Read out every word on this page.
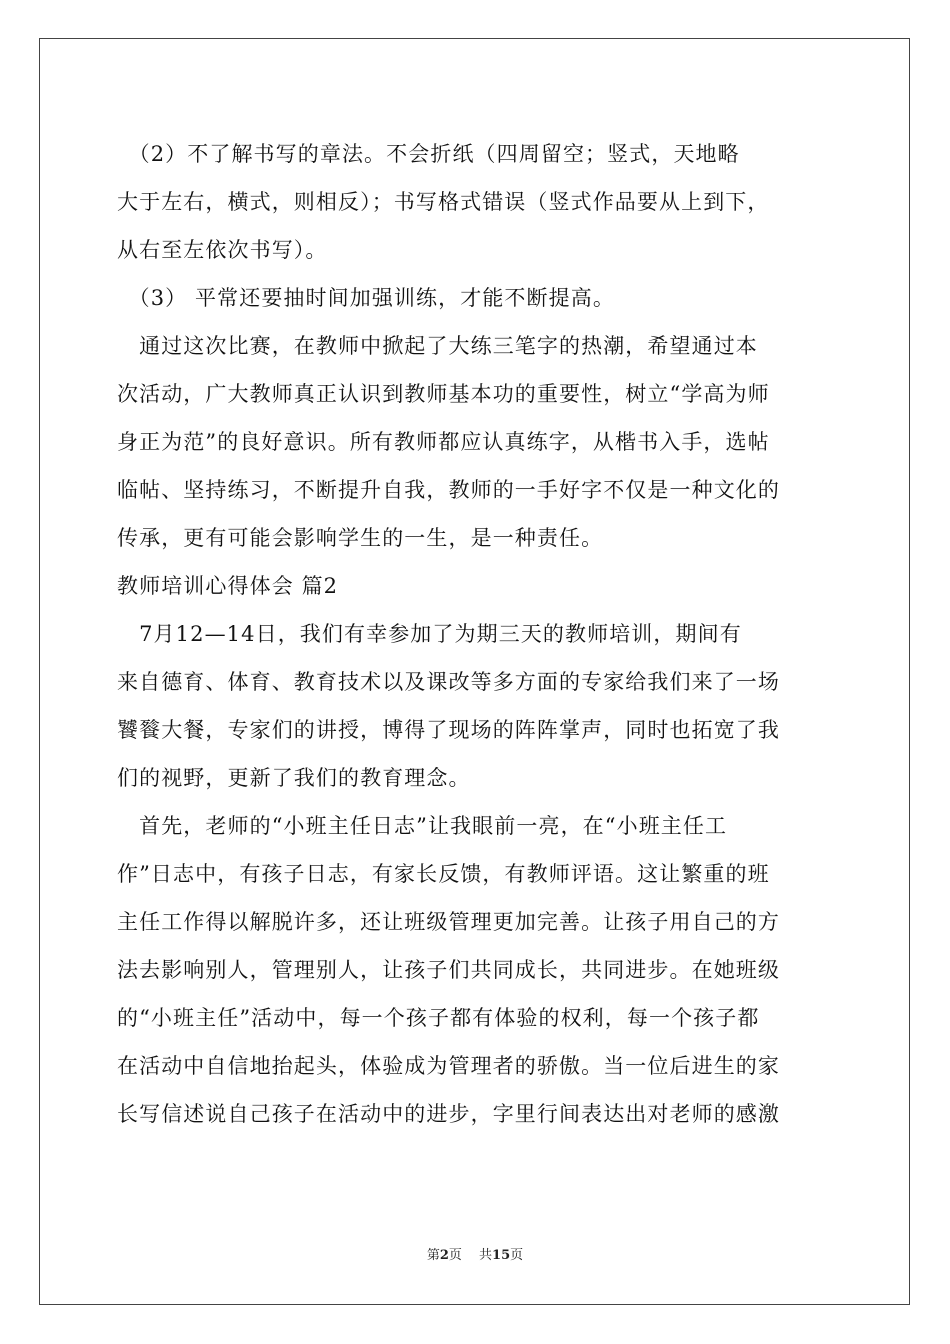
　（2）不了解书写的章法。不会折纸（四周留空；竖式，天地略
大于左右，横式，则相反）；书写格式错误（竖式作品要从上到下，
从右至左依次书写）。
　（3） 平常还要抽时间加强训练，才能不断提高。
　通过这次比赛，在教师中掀起了大练三笔字的热潮，希望通过本
次活动，广大教师真正认识到教师基本功的重要性，树立“学高为师
身正为范”的良好意识。所有教师都应认真练字，从楷书入手，选帖
临帖、坚持练习，不断提升自我，教师的一手好字不仅是一种文化的
传承，更有可能会影响学生的一生，是一种责任。
教师培训心得体会 篇2
　7月12—14日，我们有幸参加了为期三天的教师培训，期间有
来自德育、体育、教育技术以及课改等多方面的专家给我们来了一场
饕餮大餐，专家们的讲授，博得了现场的阵阵掌声，同时也拓宽了我
们的视野，更新了我们的教育理念。
　首先，老师的“小班主任日志”让我眼前一亮，在“小班主任工
作”日志中，有孩子日志，有家长反馈，有教师评语。这让繁重的班
主任工作得以解脱许多，还让班级管理更加完善。让孩子用自己的方
法去影响别人，管理别人，让孩子们共同成长，共同进步。在她班级
的“小班主任”活动中，每一个孩子都有体验的权利，每一个孩子都
在活动中自信地抬起头，体验成为管理者的骄傲。当一位后进生的家
长写信述说自己孩子在活动中的进步，字里行间表达出对老师的感激
第2页　 共15页
